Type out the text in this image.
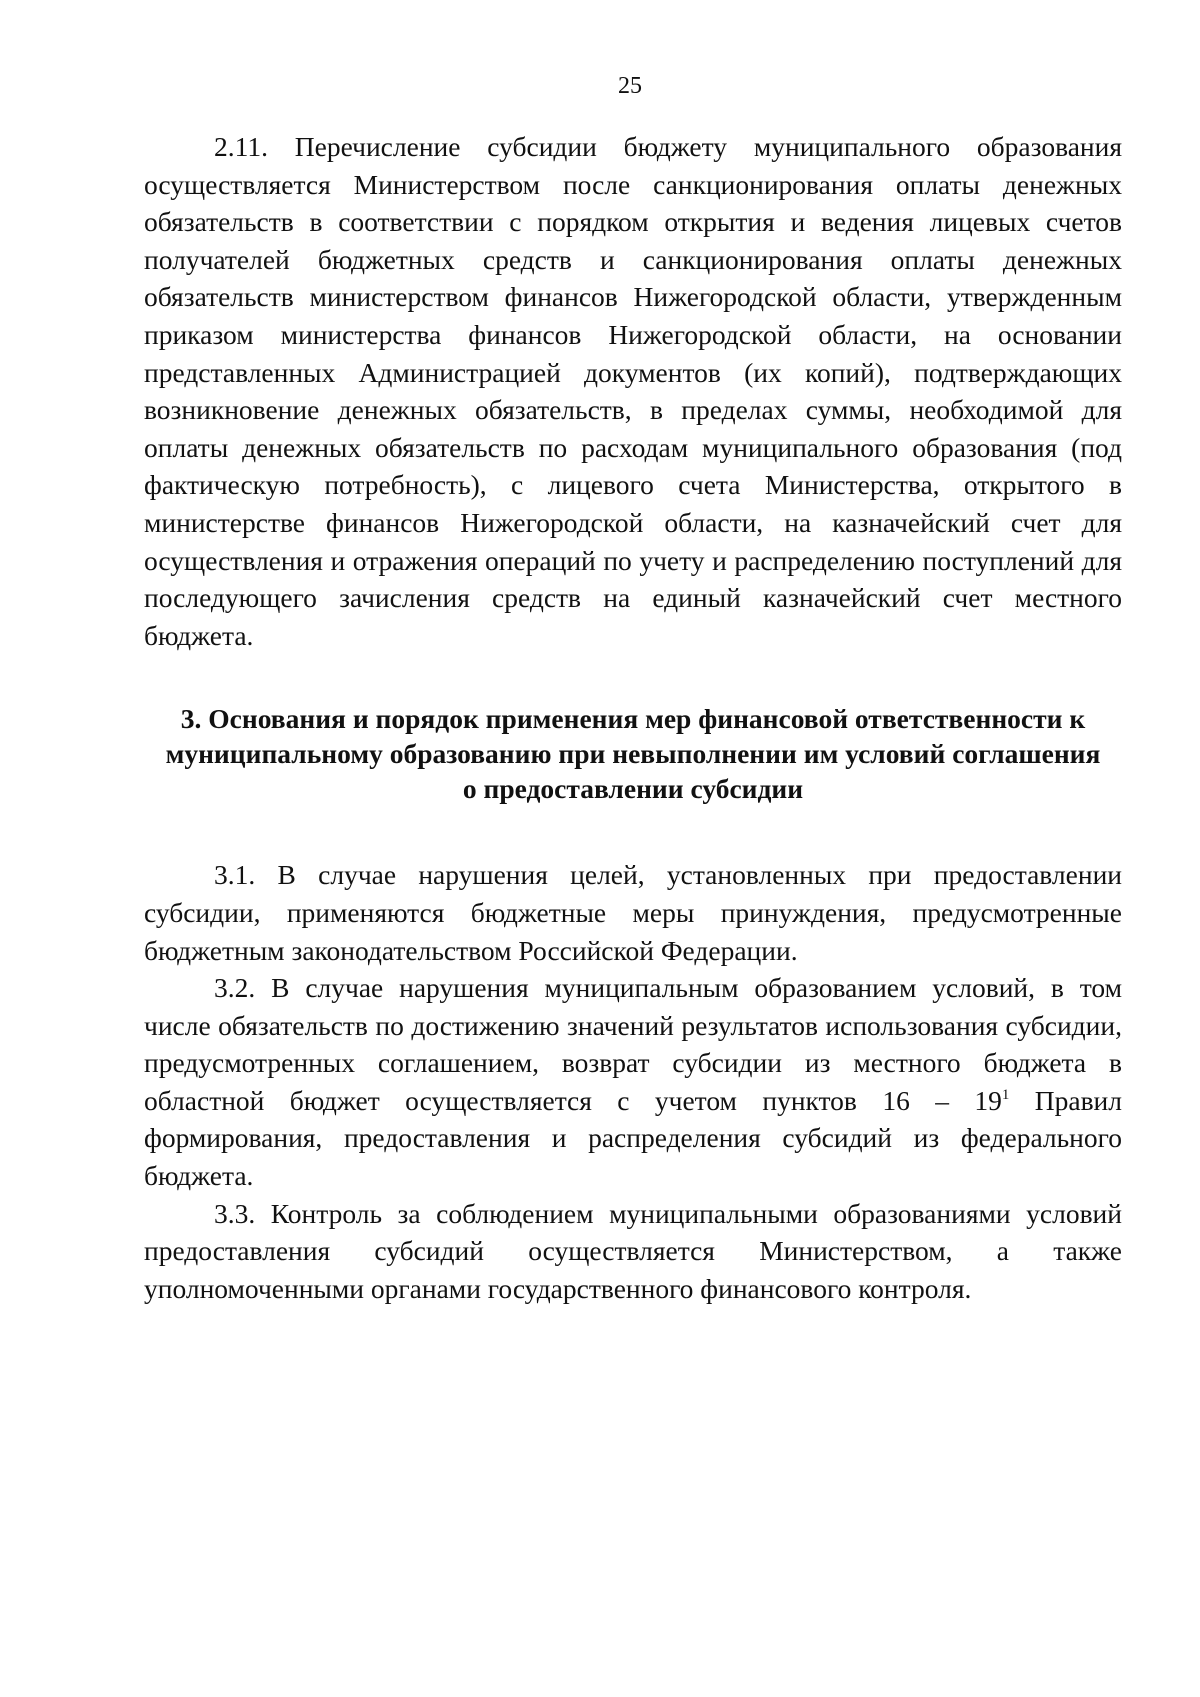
25

2.11. Перечисление субсидии бюджету муниципального образования осуществляется Министерством после санкционирования оплаты денежных обязательств в соответствии с порядком открытия и ведения лицевых счетов получателей бюджетных средств и санкционирования оплаты денежных обязательств министерством финансов Нижегородской области, утвержденным приказом министерства финансов Нижегородской области, на основании представленных Администрацией документов (их копий), подтверждающих возникновение денежных обязательств, в пределах суммы, необходимой для оплаты денежных обязательств по расходам муниципального образования (под фактическую потребность), с лицевого счета Министерства, открытого в министерстве финансов Нижегородской области, на казначейский счет для осуществления и отражения операций по учету и распределению поступлений для последующего зачисления средств на единый казначейский счет местного бюджета.

3. Основания и порядок применения мер финансовой ответственности к
муниципальному образованию при невыполнении им условий соглашения
о предоставлении субсидии

3.1. В случае нарушения целей, установленных при предоставлении субсидии, применяются бюджетные меры принуждения, предусмотренные бюджетным законодательством Российской Федерации.

3.2. В случае нарушения муниципальным образованием условий, в том числе обязательств по достижению значений результатов использования субсидии, предусмотренных соглашением, возврат субсидии из местного бюджета в областной бюджет осуществляется с учетом пунктов $16 - 19^1$ Правил формирования, предоставления и распределения субсидий из федерального бюджета.

3.3. Контроль за соблюдением муниципальными образованиями условий предоставления субсидий осуществляется Министерством, а также уполномоченными органами государственного финансового контроля.
